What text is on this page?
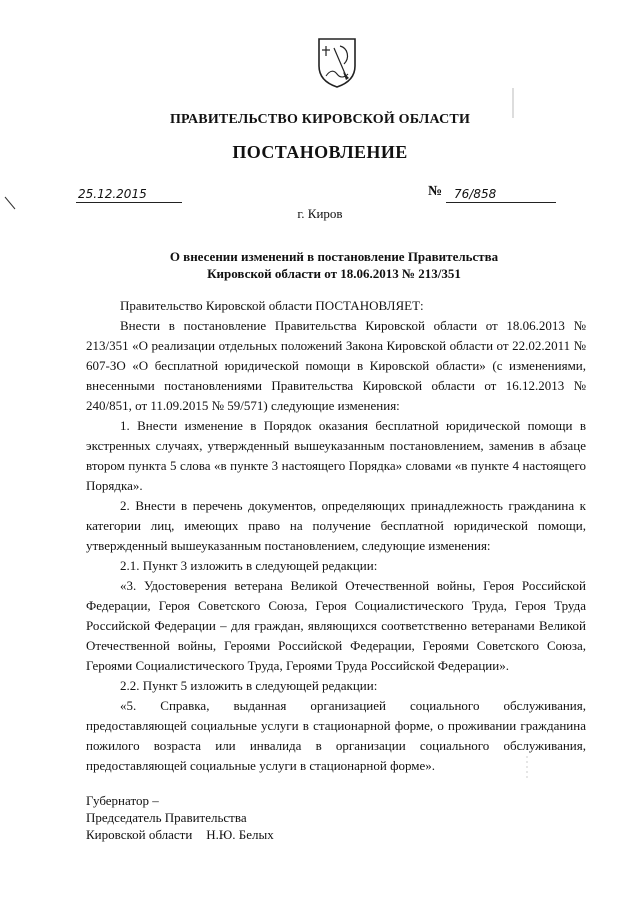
ПРАВИТЕЛЬСТВО КИРОВСКОЙ ОБЛАСТИ
ПОСТАНОВЛЕНИЕ
25.12.2015	№ 76/858
г. Киров
О внесении изменений в постановление Правительства
Кировской области от 18.06.2013 № 213/351

Правительство Кировской области ПОСТАНОВЛЯЕТ:

Внести в постановление Правительства Кировской области от 18.06.2013 № 213/351 «О реализации отдельных положений Закона Кировской области от 22.02.2011 № 607-ЗО «О бесплатной юридической помощи в Кировской области» (с изменениями, внесенными постановлениями Правительства Кировской области от 16.12.2013 № 240/851, от 11.09.2015 № 59/571) следующие изменения:

1. Внести изменение в Порядок оказания бесплатной юридической помощи в экстренных случаях, утвержденный вышеуказанным постановлением, заменив в абзаце втором пункта 5 слова «в пункте 3 настоящего Порядка» словами «в пункте 4 настоящего Порядка».

2. Внести в перечень документов, определяющих принадлежность гражданина к категории лиц, имеющих право на получение бесплатной юридической помощи, утвержденный вышеуказанным постановлением, следующие изменения:

2.1. Пункт 3 изложить в следующей редакции:

«3. Удостоверения ветерана Великой Отечественной войны, Героя Российской Федерации, Героя Советского Союза, Героя Социалистического Труда, Героя Труда Российской Федерации – для граждан, являющихся соответственно ветеранами Великой Отечественной войны, Героями Российской Федерации, Героями Советского Союза, Героями Социалистического Труда, Героями Труда Российской Федерации».

2.2. Пункт 5 изложить в следующей редакции:

«5. Справка, выданная организацией социального обслуживания, предоставляющей социальные услуги в стационарной форме, о проживании гражданина пожилого возраста или инвалида в организации социального обслуживания, предоставляющей социальные услуги в стационарной форме».

Губернатор –
Председатель Правительства
Кировской области Н.Ю. Белых
